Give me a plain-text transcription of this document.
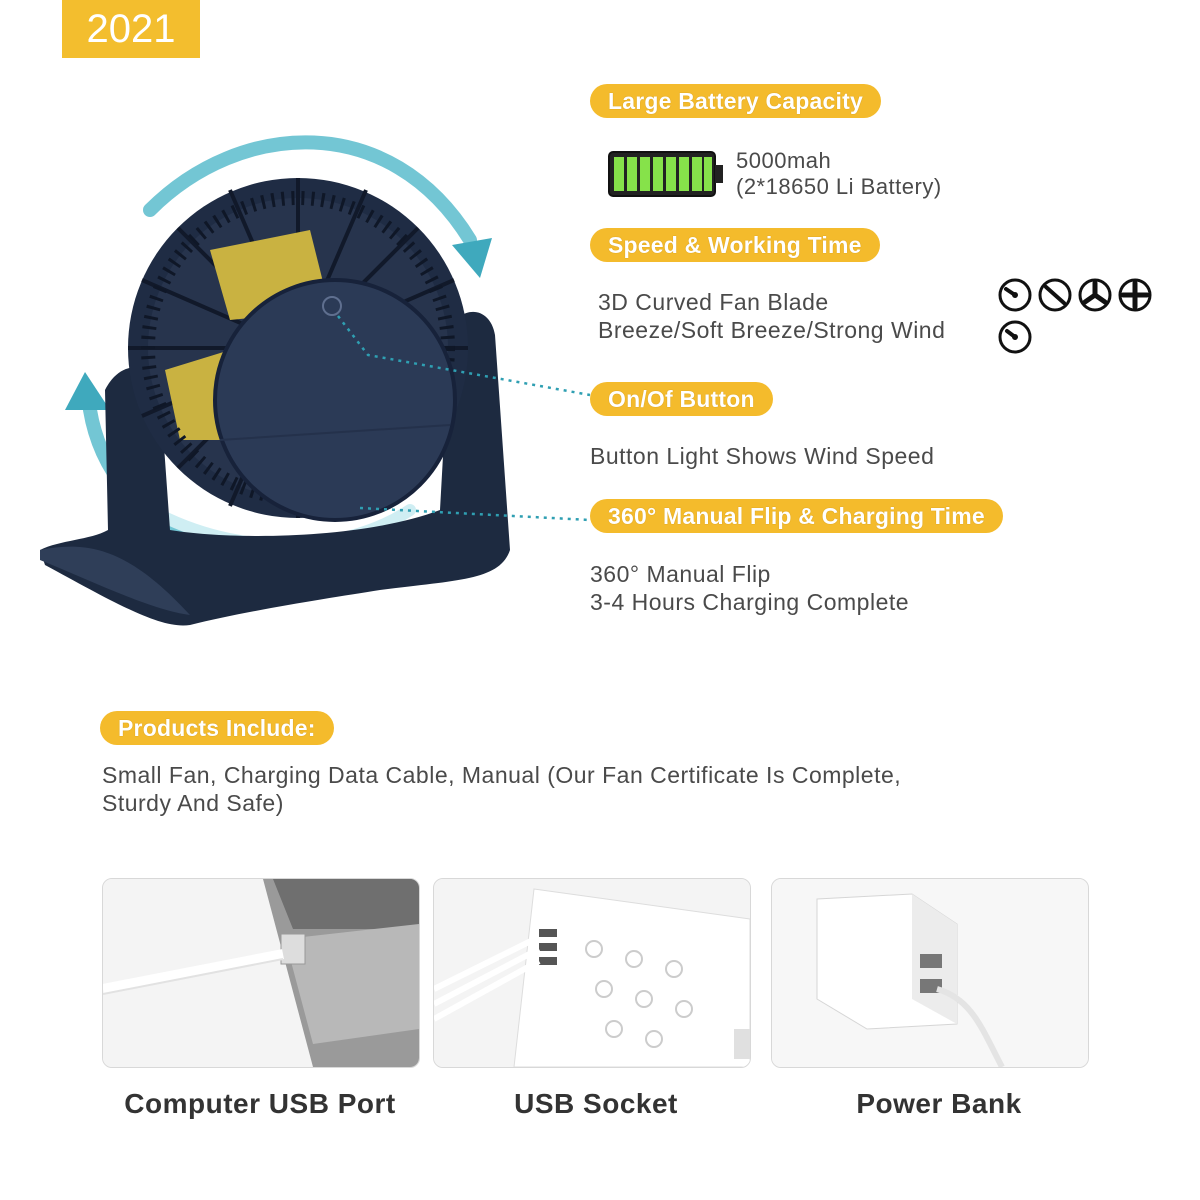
2021
Large Battery Capacity
5000mah
(2*18650 Li Battery)
Speed & Working Time
3D Curved Fan Blade
Breeze/Soft Breeze/Strong Wind
On/Of Button
Button Light Shows Wind Speed
360° Manual Flip & Charging Time
360° Manual Flip
3-4 Hours Charging Complete
Products Include:
Small Fan, Charging Data Cable, Manual (Our Fan Certificate Is Complete,
Sturdy And Safe)
Computer USB Port	USB Socket	Power Bank
